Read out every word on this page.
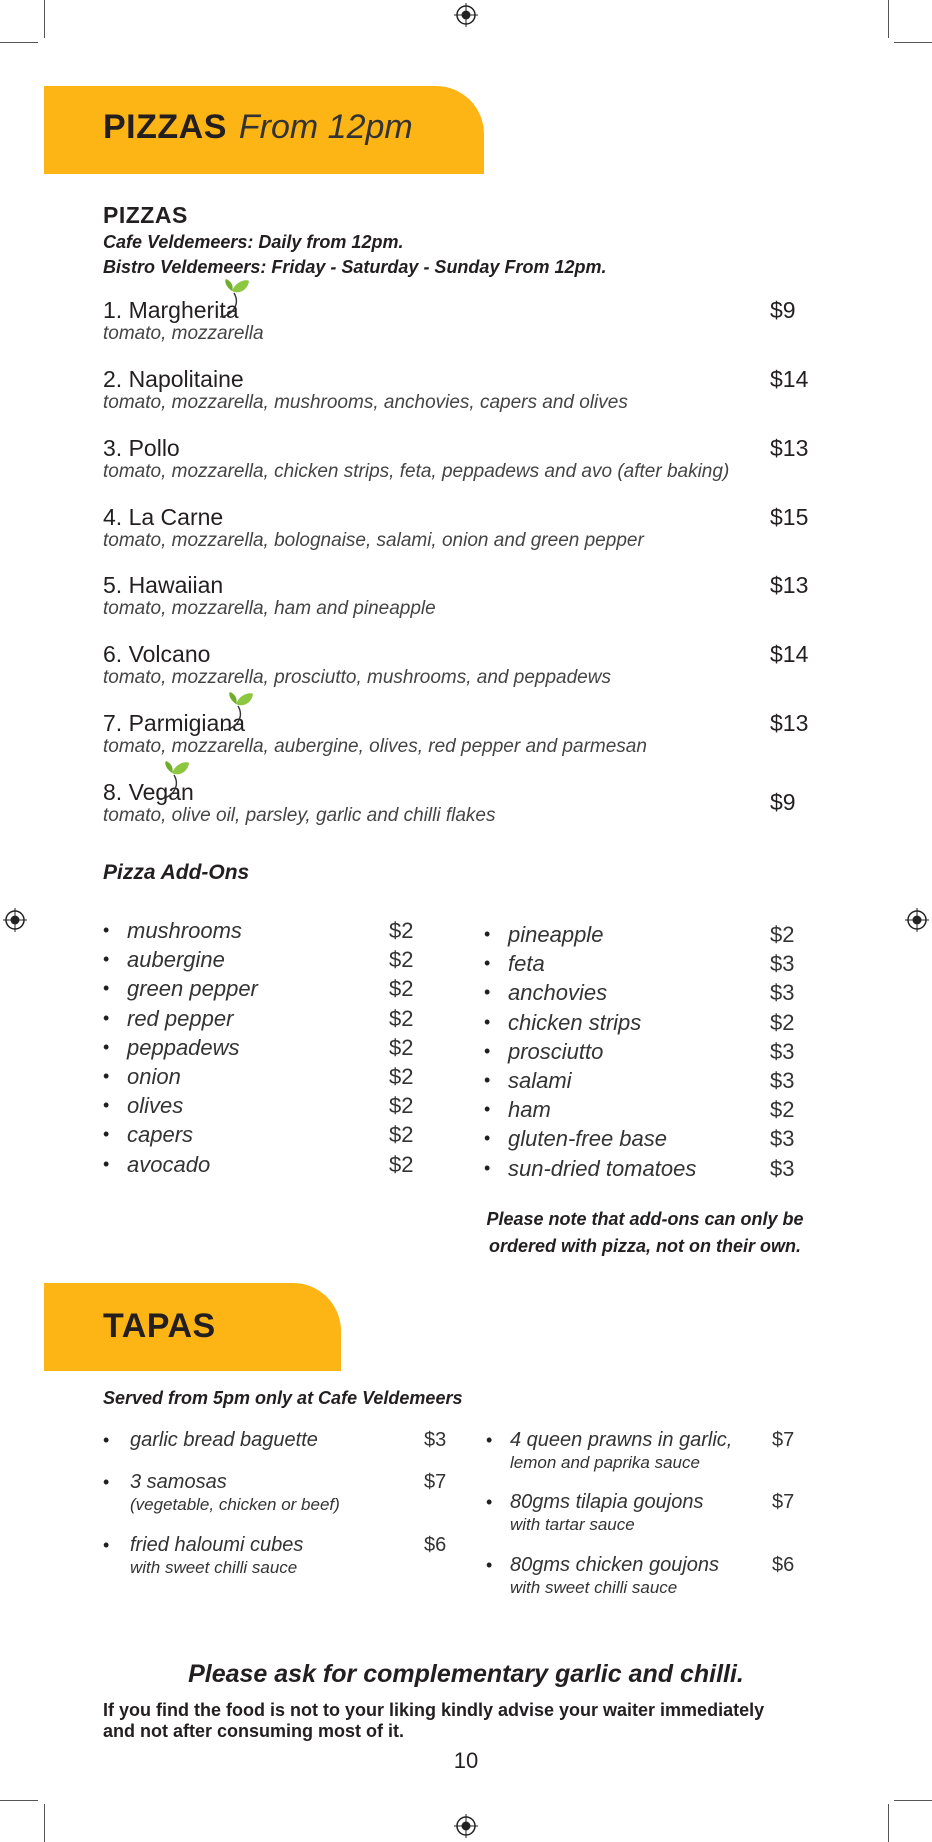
PIZZAS From 12pm
PIZZAS
Cafe Veldemeers: Daily from 12pm.
Bistro Veldemeers: Friday - Saturday - Sunday From 12pm.
1. Margherita
tomato, mozzarella
$9
2. Napolitaine
tomato, mozzarella, mushrooms, anchovies, capers and olives
$14
3. Pollo
tomato, mozzarella, chicken strips, feta, peppadews and avo (after baking)
$13
4. La Carne
tomato, mozzarella, bolognaise, salami, onion and green pepper
$15
5. Hawaiian
tomato, mozzarella, ham and pineapple
$13
6. Volcano
tomato, mozzarella, prosciutto, mushrooms, and peppadews
$14
7. Parmigiana
tomato, mozzarella, aubergine, olives, red pepper and parmesan
$13
8. Vegan
tomato, olive oil, parsley, garlic and chilli flakes
$9
Pizza Add-Ons
• mushrooms	$2
• aubergine	$2
• green pepper	$2
• red pepper	$2
• peppadews	$2
• onion	$2
• olives	$2
• capers	$2
• avocado	$2
• pineapple	$2
• feta	$3
• anchovies	$3
• chicken strips	$2
• prosciutto	$3
• salami	$3
• ham	$2
• gluten-free base	$3
• sun-dried tomatoes	$3
Please note that add-ons can only be
ordered with pizza, not on their own.
TAPAS
Served from 5pm only at Cafe Veldemeers
• garlic bread baguette	$3
• 3 samosas
(vegetable, chicken or beef)
$7
• fried haloumi cubes
with sweet chilli sauce
$6
• 4 queen prawns in garlic,
lemon and paprika sauce
$7
• 80gms tilapia goujons
with tartar sauce
$7
• 80gms chicken goujons
with sweet chilli sauce
$6
Please ask for complementary garlic and chilli.
If you find the food is not to your liking kindly advise your waiter immediately
and not after consuming most of it.
10
